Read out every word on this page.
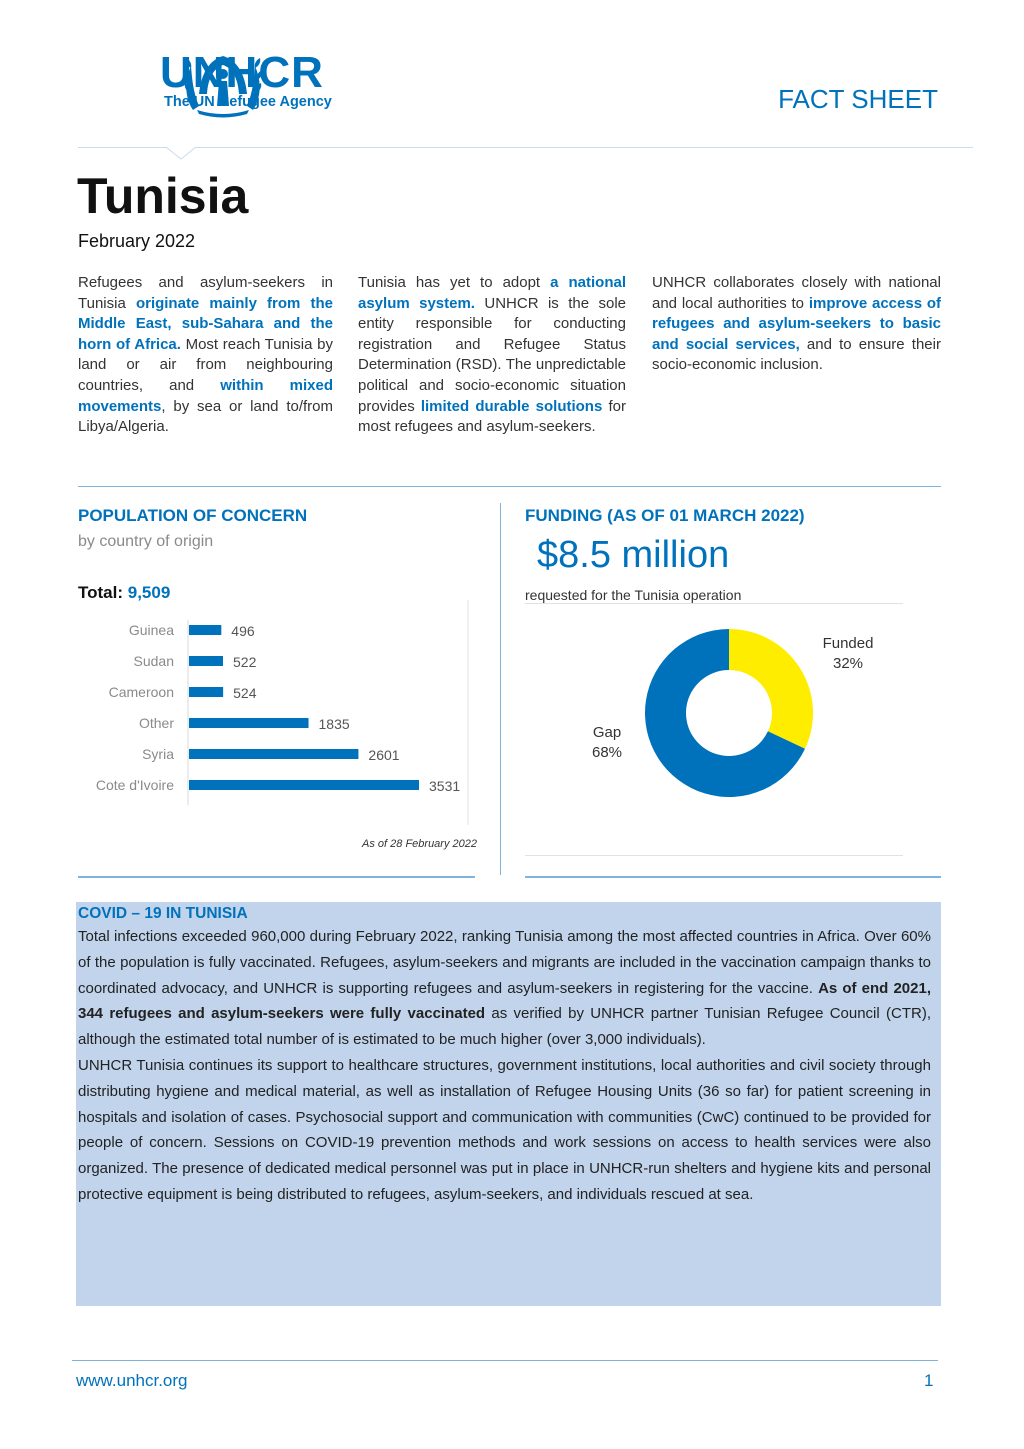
UNHCR
The UN Refugee Agency	FACT SHEET
Tunisia
February 2022
Refugees and asylum-seekers in Tunisia originate mainly from the Middle East, sub-Sahara and the horn of Africa. Most reach Tunisia by land or air from neighbouring countries, and within mixed movements, by sea or land to/from Libya/Algeria.
Tunisia has yet to adopt a national asylum system. UNHCR is the sole entity responsible for conducting registration and Refugee Status Determination (RSD). The unpredictable political and socio-economic situation provides limited durable solutions for most refugees and asylum-seekers.
UNHCR collaborates closely with national and local authorities to improve access of refugees and asylum-seekers to basic and social services, and to ensure their socio-economic inclusion.
POPULATION OF CONCERN
by country of origin
Total: 9,509
Guinea	496
Sudan	522
Cameroon	524
Other	1835
Syria	2601
Cote d'Ivoire	3531
As of 28 February 2022
FUNDING (AS OF 01 MARCH 2022)
$8.5 million
requested for the Tunisia operation
Funded
32%
Gap
68%
COVID – 19 IN TUNISIA

Total infections exceeded 960,000 during February 2022, ranking Tunisia among the most affected countries in Africa. Over 60% of the population is fully vaccinated. Refugees, asylum-seekers and migrants are included in the vaccination campaign thanks to coordinated advocacy, and UNHCR is supporting refugees and asylum-seekers in registering for the vaccine. As of end 2021, 344 refugees and asylum-seekers were fully vaccinated as verified by UNHCR partner Tunisian Refugee Council (CTR), although the estimated total number of is estimated to be much higher (over 3,000 individuals).

UNHCR Tunisia continues its support to healthcare structures, government institutions, local authorities and civil society through distributing hygiene and medical material, as well as installation of Refugee Housing Units (36 so far) for patient screening in hospitals and isolation of cases. Psychosocial support and communication with communities (CwC) continued to be provided for people of concern. Sessions on COVID-19 prevention methods and work sessions on access to health services were also organized. The presence of dedicated medical personnel was put in place in UNHCR-run shelters and hygiene kits and personal protective equipment is being distributed to refugees, asylum-seekers, and individuals rescued at sea.

www.unhcr.org	1
